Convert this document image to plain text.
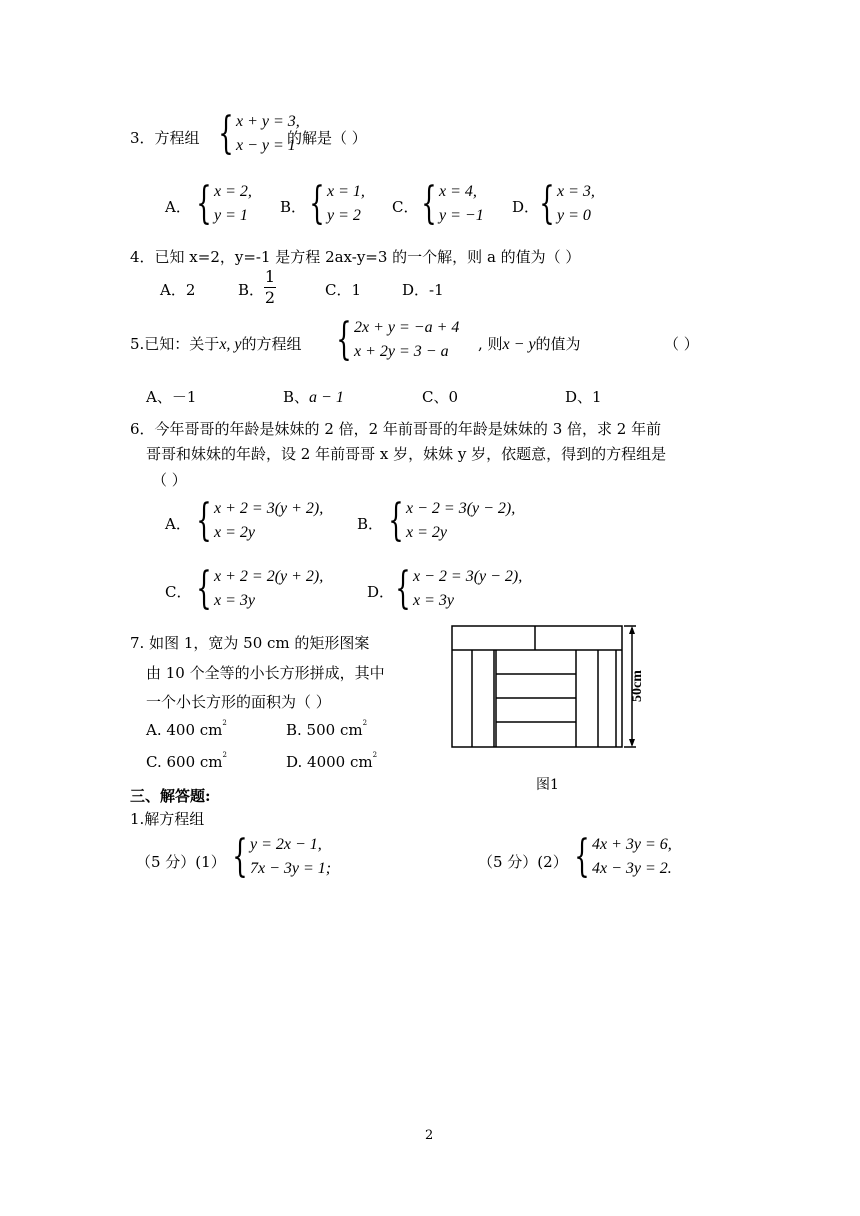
3．方程组 { x + y = 3,
x − y = 1
的解是（ ）
A． { x = 2,
y = 1 B． { x = 1,
y = 2 C． { x = 4,
y = −1 D． { x = 3,
y = 0
4．已知 x=2，y=-1 是方程 2ax-y=3 的一个解，则 a 的值为（ ）
A．2	B．
1
2	C．1	D．-1
5.已知：关于x, y的方程组 { 2x + y = −a + 4
x + 2y = 3 − a	, 则x − y的值为	（ ）
A、－1	B、a − 1	C、0	D、1
6．今年哥哥的年龄是妹妹的 2 倍，2 年前哥哥的年龄是妹妹的 3 倍，求 2 年前
哥哥和妹妹的年龄，设 2 年前哥哥 x 岁，妹妹 y 岁，依题意，得到的方程组是
（ ）
A． { x + 2 = 3(y + 2),
x = 2y	B． { x − 2 = 3(y − 2),
x = 2y
C． { x + 2 = 2(y + 2),
x = 3y	D． { x − 2 = 3(y − 2),
x = 3y
7. 如图 1，宽为 50 cm 的矩形图案
由 10 个全等的小长方形拼成，其中
一个小长方形的面积为（ ）
A. 400 $cm^2$	B. 500 $cm^2$
C. 600 $cm^2$	D. 4000 $cm^2$
50cm
图1
三、解答题:
1.解方程组
（5 分）(1） { y = 2x − 1,
7x − 3y = 1;	（5 分）(2） { 4x + 3y = 6,
4x − 3y = 2.
2
